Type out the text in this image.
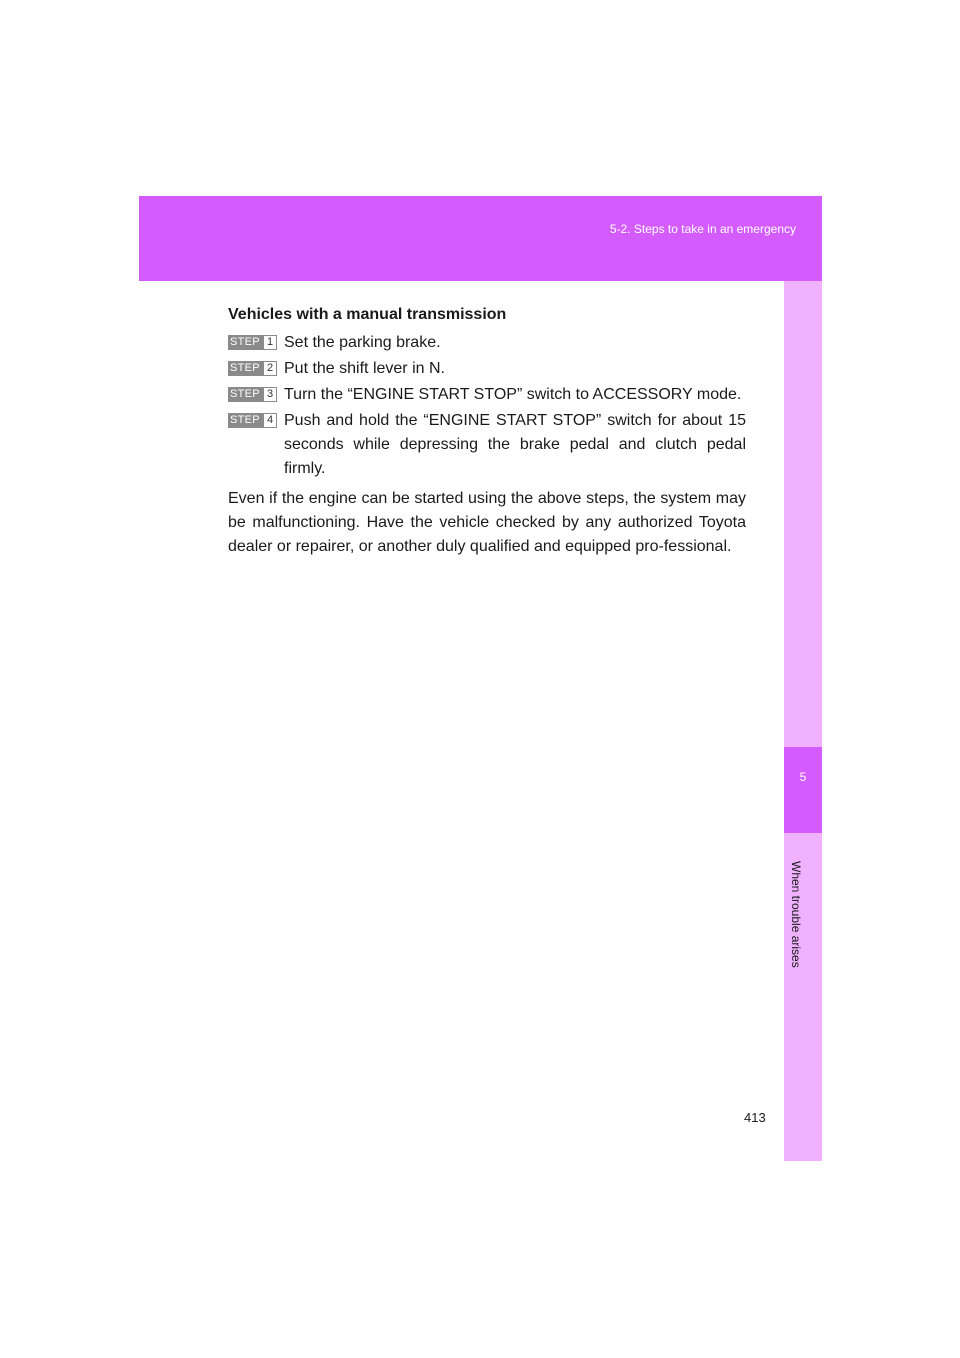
5-2. Steps to take in an emergency
5
When trouble arises

Vehicles with a manual transmission

STEP 1 Set the parking brake.
STEP 2 Put the shift lever in N.
STEP 3 Turn the “ENGINE START STOP” switch to ACCESSORY mode.
STEP 4 Push and hold the “ENGINE START STOP” switch for about 15 seconds while depressing the brake pedal and clutch pedal firmly.

Even if the engine can be started using the above steps, the system may be malfunctioning. Have the vehicle checked by any authorized Toyota dealer or repairer, or another duly qualified and equipped pro-fessional.

413
